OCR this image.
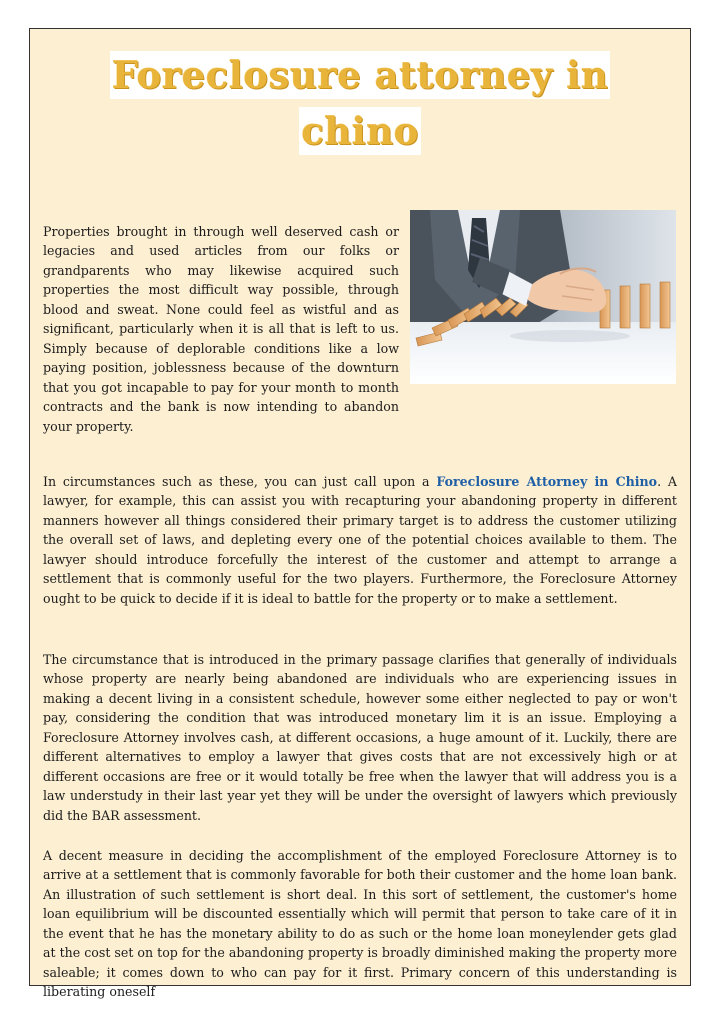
Foreclosure attorney in
chino

Properties brought in through well deserved cash or legacies and used articles from our folks or grandparents who may likewise acquired such properties the most difficult way possible, through blood and sweat. None could feel as wistful and as significant, particularly when it is all that is left to us. Simply because of deplorable conditions like a low paying position, joblessness because of the downturn that you got incapable to pay for your month to month contracts and the bank is now intending to abandon your property.

In circumstances such as these, you can just call upon a Foreclosure Attorney in Chino. A lawyer, for example, this can assist you with recapturing your abandoning property in different manners however all things considered their primary target is to address the customer utilizing the overall set of laws, and depleting every one of the potential choices available to them. The lawyer should introduce forcefully the interest of the customer and attempt to arrange a settlement that is commonly useful for the two players. Furthermore, the Foreclosure Attorney ought to be quick to decide if it is ideal to battle for the property or to make a settlement.

The circumstance that is introduced in the primary passage clarifies that generally of individuals whose property are nearly being abandoned are individuals who are experiencing issues in making a decent living in a consistent schedule, however some either neglected to pay or won't pay, considering the condition that was introduced monetary lim it is an issue. Employing a Foreclosure Attorney involves cash, at different occasions, a huge amount of it. Luckily, there are different alternatives to employ a lawyer that gives costs that are not excessively high or at different occasions are free or it would totally be free when the lawyer that will address you is a law understudy in their last year yet they will be under the oversight of lawyers which previously did the BAR assessment.

A decent measure in deciding the accomplishment of the employed Foreclosure Attorney is to arrive at a settlement that is commonly favorable for both their customer and the home loan bank. An illustration of such settlement is short deal. In this sort of settlement, the customer's home loan equilibrium will be discounted essentially which will permit that person to take care of it in the event that he has the monetary ability to do as such or the home loan moneylender gets glad at the cost set on top for the abandoning property is broadly diminished making the property more saleable; it comes down to who can pay for it first. Primary concern of this understanding is liberating oneself
